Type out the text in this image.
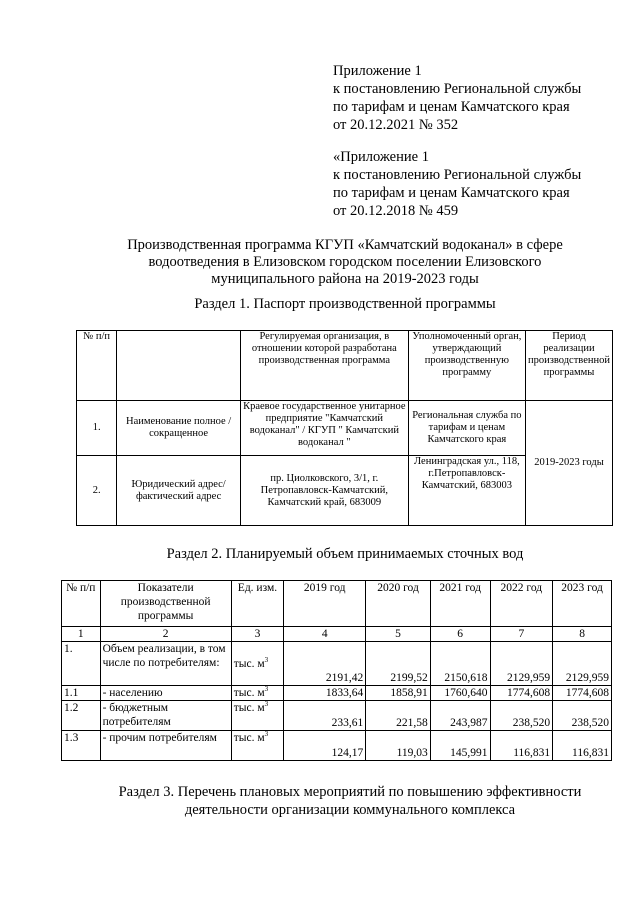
Приложение 1
к постановлению Региональной службы
по тарифам и ценам Камчатского края
от 20.12.2021 № 352
«Приложение 1
к постановлению Региональной службы
по тарифам и ценам Камчатского края
от 20.12.2018 № 459
Производственная программа КГУП «Камчатский водоканал» в сфере
водоотведения в Елизовском городском поселении Елизовского
муниципального района на 2019-2023 годы
Раздел 1. Паспорт производственной программы
№ п/п		Регулируемая организация, в отношении которой разработана производственная программа	Уполномоченный орган, утверждающий производственную программу	Период реализации производственной программы
1.	Наименование полное / сокращенное	Краевое государственное унитарное предприятие "Камчатский водоканал" / КГУП " Камчатский водоканал "	Региональная служба по тарифам и ценам Камчатского края	2019-2023 годы
2.	Юридический адрес/фактический адрес	пр. Циолковского, 3/1, г. Петропавловск-Камчатский, Камчатский край, 683009	Ленинградская ул., 118, г.Петропавловск-Камчатский, 683003	
Раздел 2. Планируемый объем принимаемых сточных вод
№ п/п	Показатели производственной программы	Ед. изм.	2019 год	2020 год	2021 год	2022 год	2023 год
1	2	3	4	5	6	7	8
1.	Объем реализации, в том числе по потребителям:	тыс. $м^3$	2191,42	2199,52	2150,618	2129,959	2129,959
1.1	- населению	тыс. $м^3$	1833,64	1858,91	1760,640	1774,608	1774,608
1.2	- бюджетным потребителям	тыс. $м^3$	233,61	221,58	243,987	238,520	238,520
1.3	- прочим потребителям	тыс. $м^3$	124,17	119,03	145,991	116,831	116,831
Раздел 3. Перечень плановых мероприятий по повышению эффективности
деятельности организации коммунального комплекса
